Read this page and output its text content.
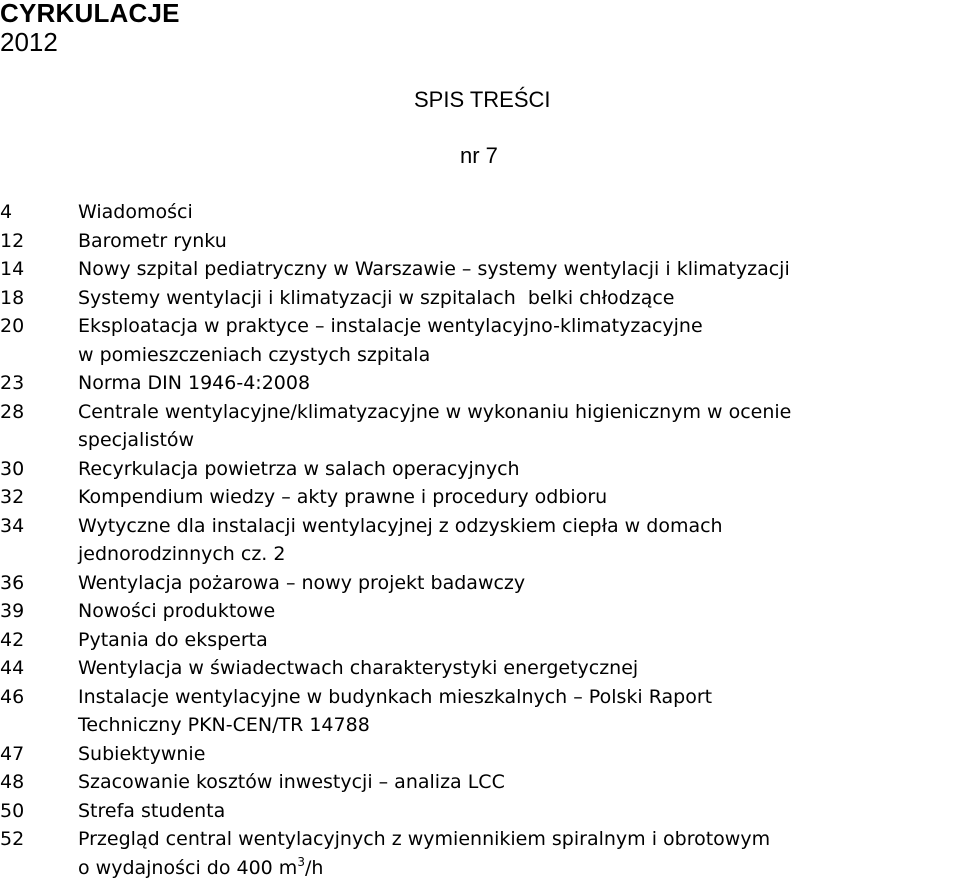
CYRKULACJE
2012
SPIS TREŚCI
nr 7
4	Wiadomości
12	Barometr rynku
14	Nowy szpital pediatryczny w Warszawie – systemy wentylacji i klimatyzacji
18	Systemy wentylacji i klimatyzacji w szpitalach  belki chłodzące
20	Eksploatacja w praktyce – instalacje wentylacyjno-klimatyzacyjne
w pomieszczeniach czystych szpitala
23	Norma DIN 1946-4:2008
28	Centrale wentylacyjne/klimatyzacyjne w wykonaniu higienicznym w ocenie
specjalistów
30	Recyrkulacja powietrza w salach operacyjnych
32	Kompendium wiedzy – akty prawne i procedury odbioru
34	Wytyczne dla instalacji wentylacyjnej z odzyskiem ciepła w domach
jednorodzinnych cz. 2
36	Wentylacja pożarowa – nowy projekt badawczy
39	Nowości produktowe
42	Pytania do eksperta
44	Wentylacja w świadectwach charakterystyki energetycznej
46	Instalacje wentylacyjne w budynkach mieszkalnych – Polski Raport
Techniczny PKN-CEN/TR 14788
47	Subiektywnie
48	Szacowanie kosztów inwestycji – analiza LCC
50	Strefa studenta
52	Przegląd central wentylacyjnych z wymiennikiem spiralnym i obrotowym
o wydajności do 400 $m^3/h$
